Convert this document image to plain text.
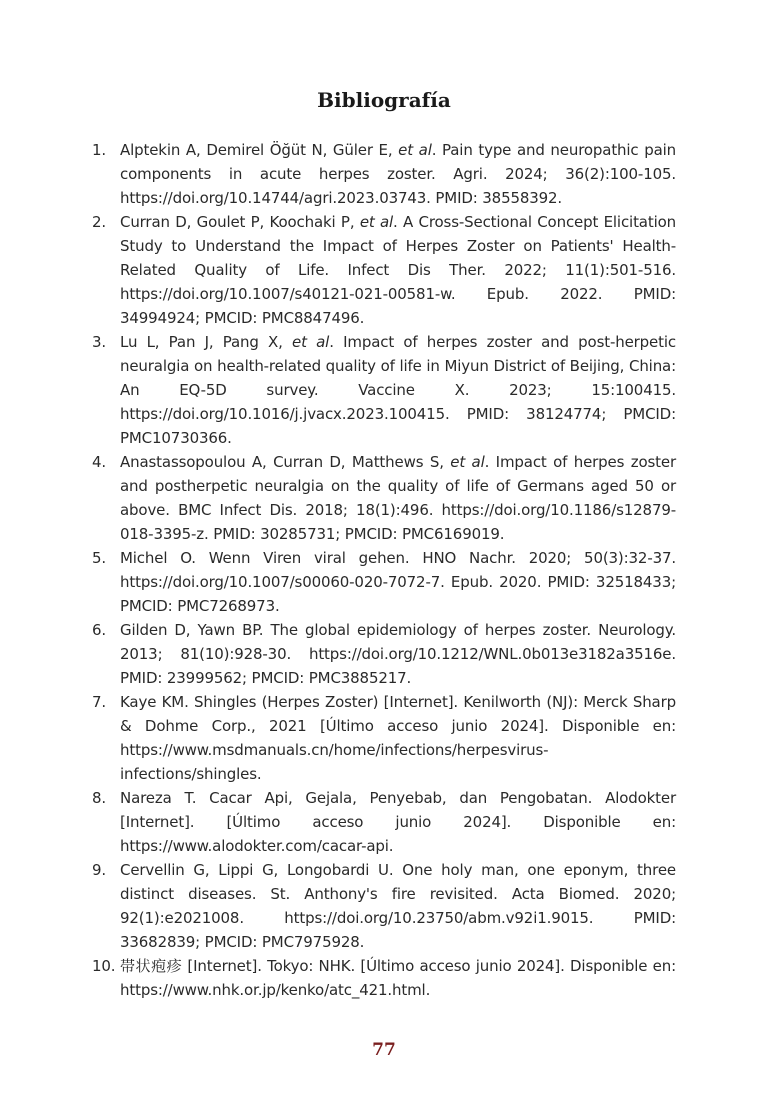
Bibliografía
1. Alptekin A, Demirel Öğüt N, Güler E, et al. Pain type and neuropathic pain components in acute herpes zoster. Agri. 2024; 36(2):100-105. https://doi.org/10.14744/agri.2023.03743. PMID: 38558392.
2. Curran D, Goulet P, Koochaki P, et al. A Cross-Sectional Concept Elicitation Study to Understand the Impact of Herpes Zoster on Patients' Health-Related Quality of Life. Infect Dis Ther. 2022; 11(1):501-516. https://doi.org/10.1007/s40121-021-00581-w. Epub. 2022. PMID: 34994924; PMCID: PMC8847496.
3. Lu L, Pan J, Pang X, et al. Impact of herpes zoster and post-herpetic neuralgia on health-related quality of life in Miyun District of Beijing, China: An EQ-5D survey. Vaccine X. 2023; 15:100415. https://doi.org/10.1016/j.jvacx.2023.100415. PMID: 38124774; PMCID: PMC10730366.
4. Anastassopoulou A, Curran D, Matthews S, et al. Impact of herpes zoster and postherpetic neuralgia on the quality of life of Germans aged 50 or above. BMC Infect Dis. 2018; 18(1):496. https://doi.org/10.1186/s12879-018-3395-z. PMID: 30285731; PMCID: PMC6169019.
5. Michel O. Wenn Viren viral gehen. HNO Nachr. 2020; 50(3):32-37. https://doi.org/10.1007/s00060-020-7072-7. Epub. 2020. PMID: 32518433; PMCID: PMC7268973.
6. Gilden D, Yawn BP. The global epidemiology of herpes zoster. Neurology. 2013; 81(10):928-30. https://doi.org/10.1212/WNL.0b013e3182a3516e. PMID: 23999562; PMCID: PMC3885217.
7. Kaye KM. Shingles (Herpes Zoster) [Internet]. Kenilworth (NJ): Merck Sharp & Dohme Corp., 2021 [Último acceso junio 2024]. Disponible en: https://www.msdmanuals.cn/home/infections/herpesvirus-infections/shingles.
8. Nareza T. Cacar Api, Gejala, Penyebab, dan Pengobatan. Alodokter [Internet]. [Último acceso junio 2024]. Disponible en: https://www.alodokter.com/cacar-api.
9. Cervellin G, Lippi G, Longobardi U. One holy man, one eponym, three distinct diseases. St. Anthony's fire revisited. Acta Biomed. 2020; 92(1):e2021008. https://doi.org/10.23750/abm.v92i1.9015. PMID: 33682839; PMCID: PMC7975928.
10. 帯状疱疹 [Internet]. Tokyo: NHK. [Último acceso junio 2024]. Disponible en: https://www.nhk.or.jp/kenko/atc_421.html.
77
